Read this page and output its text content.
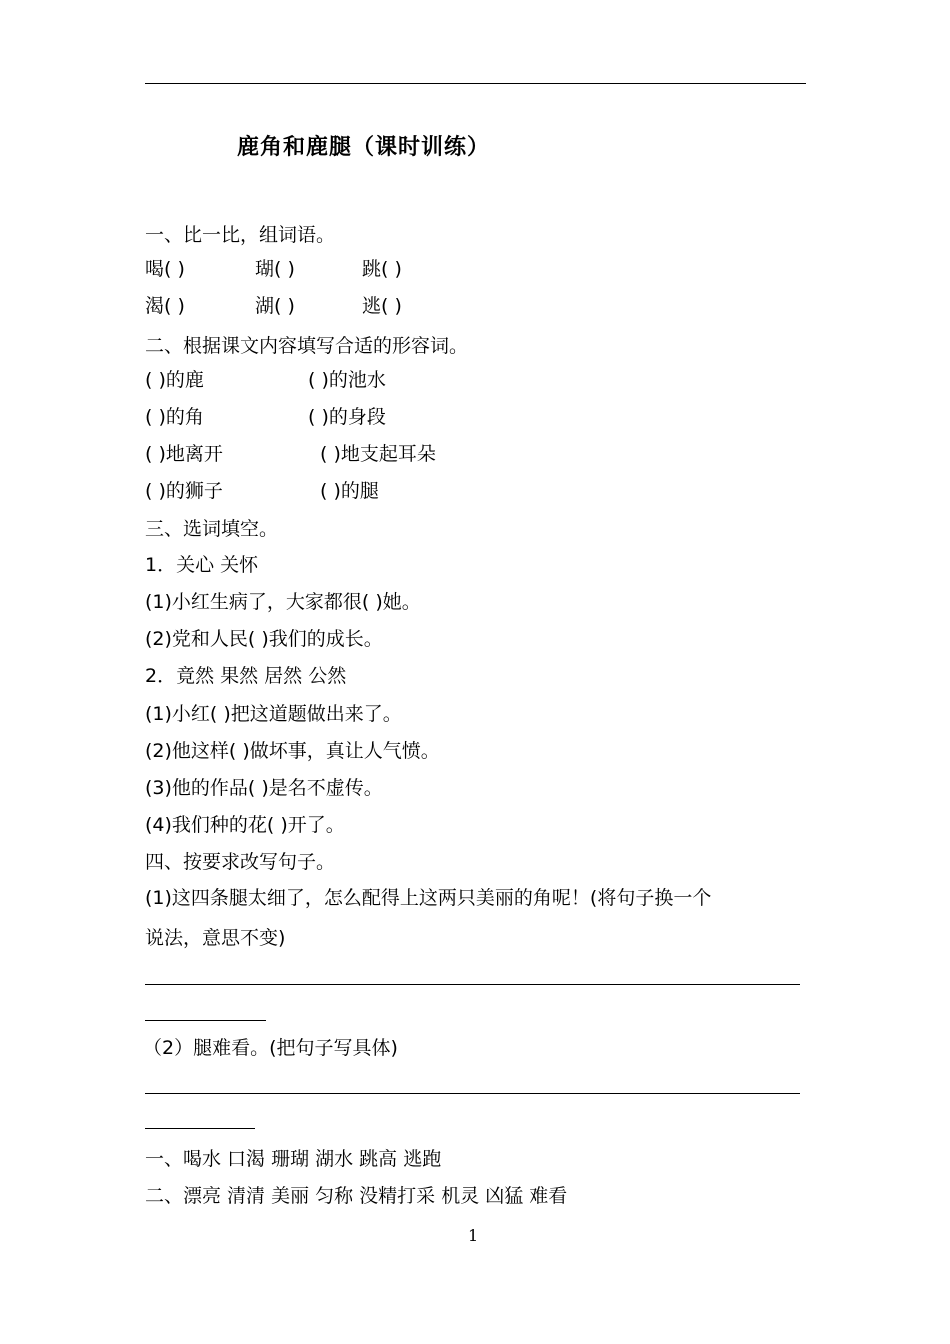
鹿角和鹿腿（课时训练）
一、比一比，组词语。
喝( )	瑚( )	跳( )
渴( )	湖( )	逃( )
二、根据课文内容填写合适的形容词。
( )的鹿	( )的池水
( )的角	( )的身段
( )地离开	( )地支起耳朵
( )的狮子	( )的腿
三、选词填空。
1．关心 关怀
(1)小红生病了，大家都很( )她。
(2)党和人民( )我们的成长。
2．竟然 果然 居然 公然
(1)小红( )把这道题做出来了。
(2)他这样( )做坏事，真让人气愤。
(3)他的作品( )是名不虚传。
(4)我们种的花( )开了。
四、按要求改写句子。
(1)这四条腿太细了，怎么配得上这两只美丽的角呢！(将句子换一个
说法，意思不变)
（2）腿难看。(把句子写具体)
一、喝水 口渴 珊瑚 湖水 跳高 逃跑
二、漂亮 清清 美丽 匀称 没精打采 机灵 凶猛 难看
1
